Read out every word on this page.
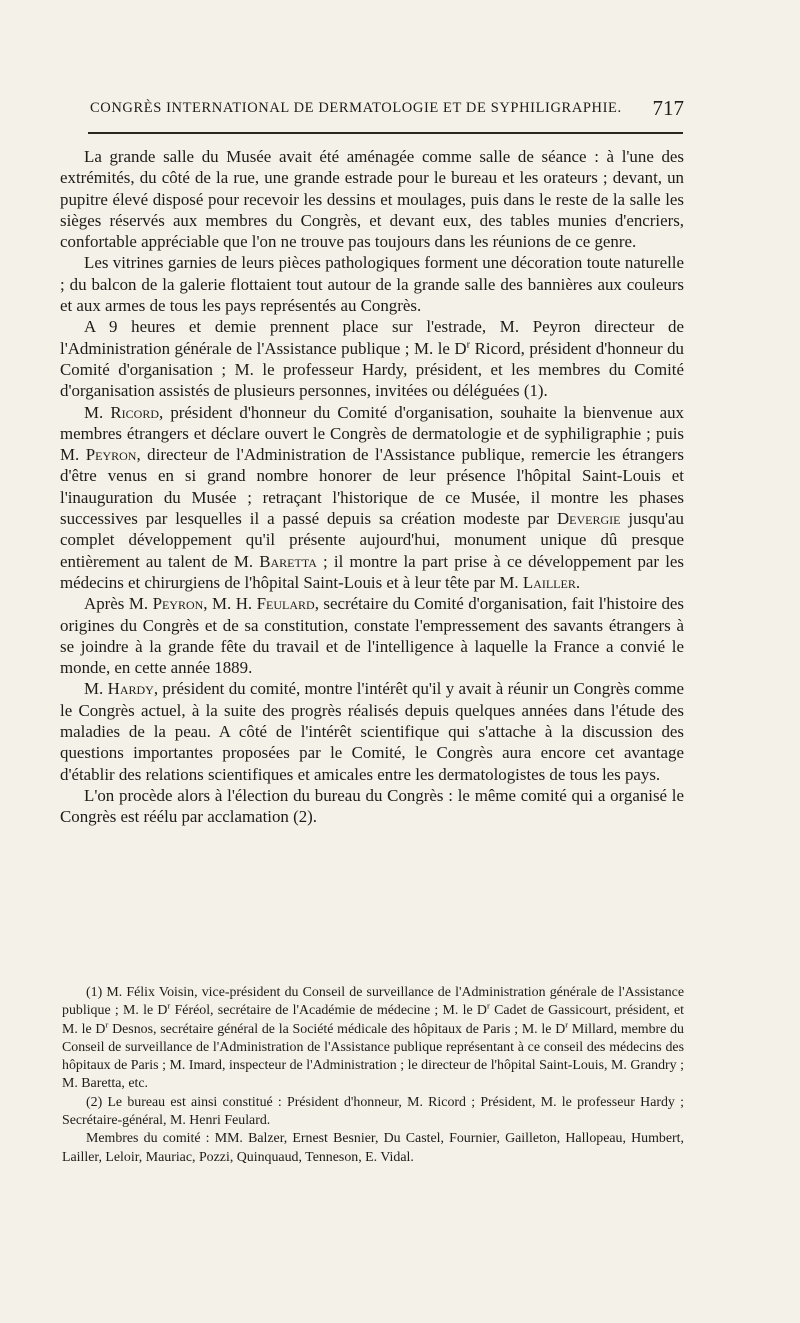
CONGRÈS INTERNATIONAL DE DERMATOLOGIE ET DE SYPHILIGRAPHIE. 717

La grande salle du Musée avait été aménagée comme salle de séance : à l'une des extrémités, du côté de la rue, une grande estrade pour le bureau et les orateurs ; devant, un pupitre élevé disposé pour recevoir les dessins et moulages, puis dans le reste de la salle les sièges réservés aux membres du Congrès, et devant eux, des tables munies d'encriers, confortable appréciable que l'on ne trouve pas toujours dans les réunions de ce genre.

Les vitrines garnies de leurs pièces pathologiques forment une décoration toute naturelle ; du balcon de la galerie flottaient tout autour de la grande salle des bannières aux couleurs et aux armes de tous les pays représentés au Congrès.

A 9 heures et demie prennent place sur l'estrade, M. Peyron directeur de l'Administration générale de l'Assistance publique ; M. le $D^r$ Ricord, président d'honneur du Comité d'organisation ; M. le professeur Hardy, président, et les membres du Comité d'organisation assistés de plusieurs personnes, invitées ou déléguées (1).

M. Ricord, président d'honneur du Comité d'organisation, souhaite la bienvenue aux membres étrangers et déclare ouvert le Congrès de dermatologie et de syphiligraphie ; puis M. Peyron, directeur de l'Administration de l'Assistance publique, remercie les étrangers d'être venus en si grand nombre honorer de leur présence l'hôpital Saint-Louis et l'inauguration du Musée ; retraçant l'historique de ce Musée, il montre les phases successives par lesquelles il a passé depuis sa création modeste par Devergie jusqu'au complet développement qu'il présente aujourd'hui, monument unique dû presque entièrement au talent de M. Baretta ; il montre la part prise à ce développement par les médecins et chirurgiens de l'hôpital Saint-Louis et à leur tête par M. Lailler.

Après M. Peyron, M. H. Feulard, secrétaire du Comité d'organisation, fait l'histoire des origines du Congrès et de sa constitution, constate l'empressement des savants étrangers à se joindre à la grande fête du travail et de l'intelligence à laquelle la France a convié le monde, en cette année 1889.

M. Hardy, président du comité, montre l'intérêt qu'il y avait à réunir un Congrès comme le Congrès actuel, à la suite des progrès réalisés depuis quelques années dans l'étude des maladies de la peau. A côté de l'intérêt scientifique qui s'attache à la discussion des questions importantes proposées par le Comité, le Congrès aura encore cet avantage d'établir des relations scientifiques et amicales entre les dermatologistes de tous les pays.

L'on procède alors à l'élection du bureau du Congrès : le même comité qui a organisé le Congrès est réélu par acclamation (2).

(1) M. Félix Voisin, vice-président du Conseil de surveillance de l'Administration générale de l'Assistance publique ; M. le $D^r$ Féréol, secrétaire de l'Académie de médecine ; M. le $D^r$ Cadet de Gassicourt, président, et M. le $D^r$ Desnos, secrétaire général de la Société médicale des hôpitaux de Paris ; M. le $D^r$ Millard, membre du Conseil de surveillance de l'Administration de l'Assistance publique représentant à ce conseil des médecins des hôpitaux de Paris ; M. Imard, inspecteur de l'Administration ; le directeur de l'hôpital Saint-Louis, M. Grandry ; M. Baretta, etc.

(2) Le bureau est ainsi constitué : Président d'honneur, M. Ricord ; Président, M. le professeur Hardy ; Secrétaire-général, M. Henri Feulard.

Membres du comité : MM. Balzer, Ernest Besnier, Du Castel, Fournier, Gailleton, Hallopeau, Humbert, Lailler, Leloir, Mauriac, Pozzi, Quinquaud, Tenneson, E. Vidal.
